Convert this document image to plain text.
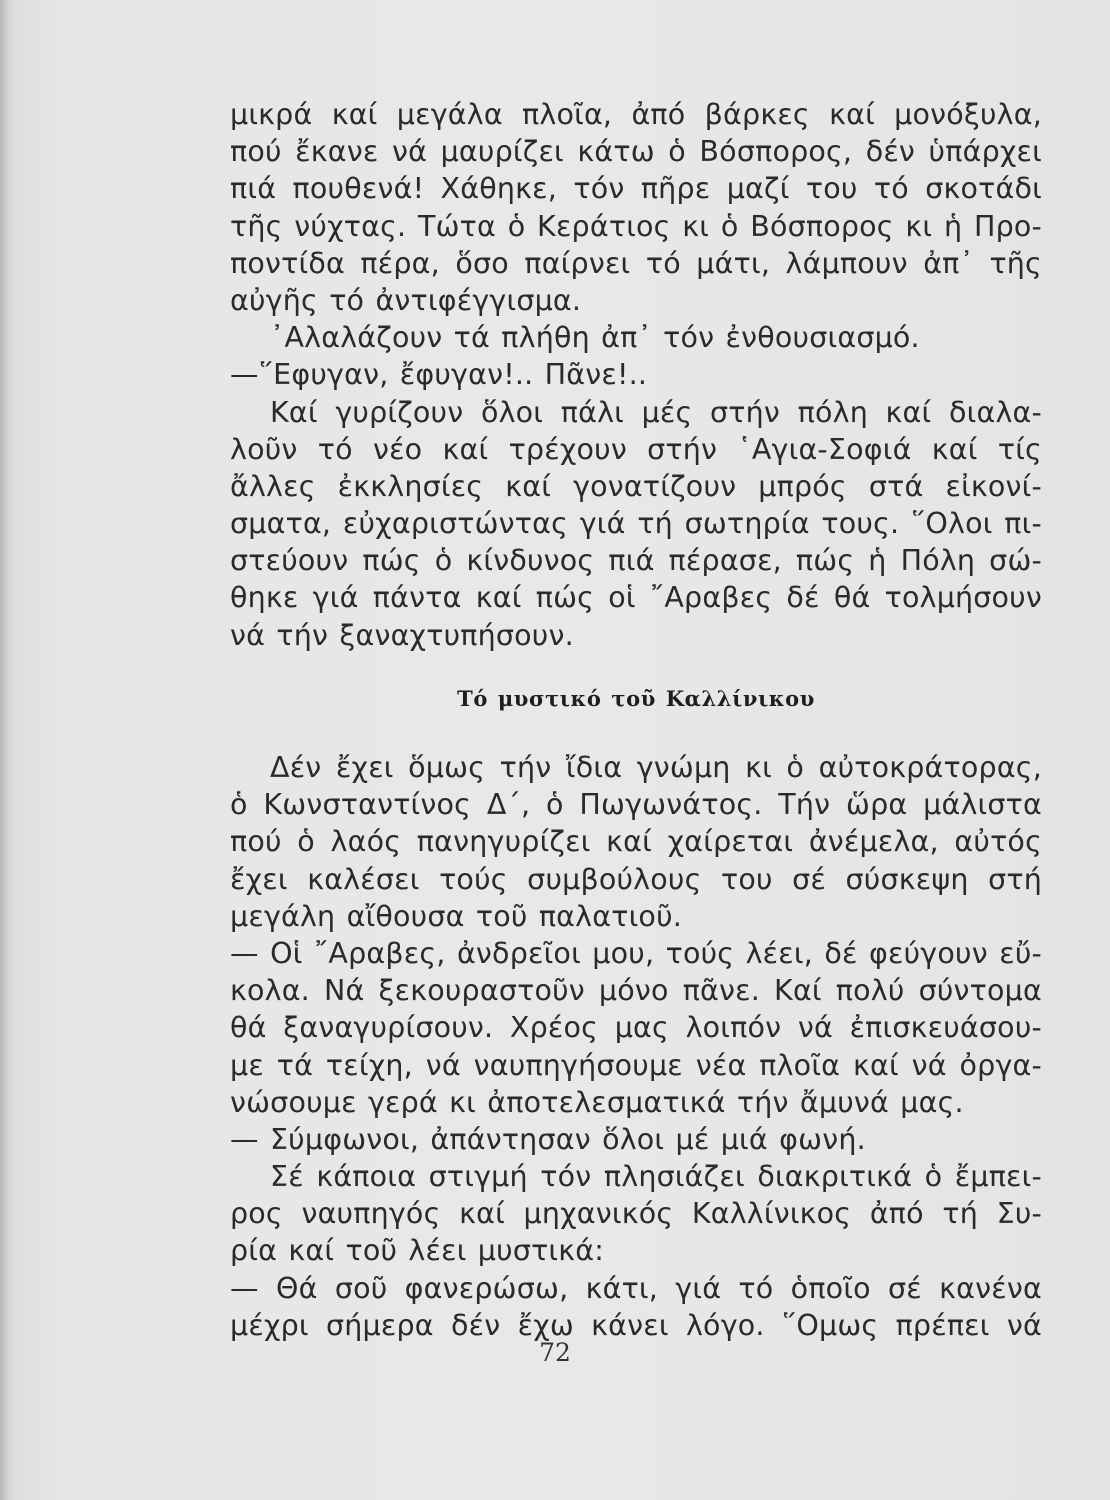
μικρά καί μεγάλα πλοῖα, ἀπό βάρκες καί μονόξυλα,
πού ἔκανε νά μαυρίζει κάτω ὁ Βόσπορος, δέν ὑπάρχει
πιά πουθενά! Χάθηκε, τόν πῆρε μαζί του τό σκοτάδι
τῆς νύχτας. Τώτα ὁ Κεράτιος κι ὁ Βόσπορος κι ἡ Προ-
ποντίδα πέρα, ὅσο παίρνει τό μάτι, λάμπουν ἀπ᾽ τῆς
αὐγῆς τό ἀντιφέγγισμα.
᾽Αλαλάζουν τά πλήθη ἀπ᾽ τόν ἐνθουσιασμό.
—῞Εφυγαν, ἔφυγαν!.. Πᾶνε!..
Καί γυρίζουν ὅλοι πάλι μές στήν πόλη καί διαλα-
λοῦν τό νέο καί τρέχουν στήν ῾Αγια-Σοφιά καί τίς
ἄλλες ἐκκλησίες καί γονατίζουν μπρός στά εἰκονί-
σματα, εὐχαριστώντας γιά τή σωτηρία τους. ῞Ολοι πι-
στεύουν πώς ὁ κίνδυνος πιά πέρασε, πώς ἡ Πόλη σώ-
θηκε γιά πάντα καί πώς οἱ ῎Αραβες δέ θά τολμήσουν
νά τήν ξαναχτυπήσουν.
Τό μυστικό τοῦ Καλλίνικου
Δέν ἔχει ὅμως τήν ἴδια γνώμη κι ὁ αὐτοκράτορας,
ὁ Κωνσταντίνος Δ΄, ὁ Πωγωνάτος. Τήν ὥρα μάλιστα
πού ὁ λαός πανηγυρίζει καί χαίρεται ἀνέμελα, αὐτός
ἔχει καλέσει τούς συμβούλους του σέ σύσκεψη στή
μεγάλη αἴθουσα τοῦ παλατιοῦ.
— Οἱ ῎Αραβες, ἀνδρεῖοι μου, τούς λέει, δέ φεύγουν εὔ-
κολα. Νά ξεκουραστοῦν μόνο πᾶνε. Καί πολύ σύντομα
θά ξαναγυρίσουν. Χρέος μας λοιπόν νά ἐπισκευάσου-
με τά τείχη, νά ναυπηγήσουμε νέα πλοῖα καί νά ὀργα-
νώσουμε γερά κι ἀποτελεσματικά τήν ἄμυνά μας.
— Σύμφωνοι, ἀπάντησαν ὅλοι μέ μιά φωνή.
Σέ κάποια στιγμή τόν πλησιάζει διακριτικά ὁ ἔμπει-
ρος ναυπηγός καί μηχανικός Καλλίνικος ἀπό τή Συ-
ρία καί τοῦ λέει μυστικά:
— Θά σοῦ φανερώσω, κάτι, γιά τό ὁποῖο σέ κανένα
μέχρι σήμερα δέν ἔχω κάνει λόγο. ῞Ομως πρέπει νά
72
